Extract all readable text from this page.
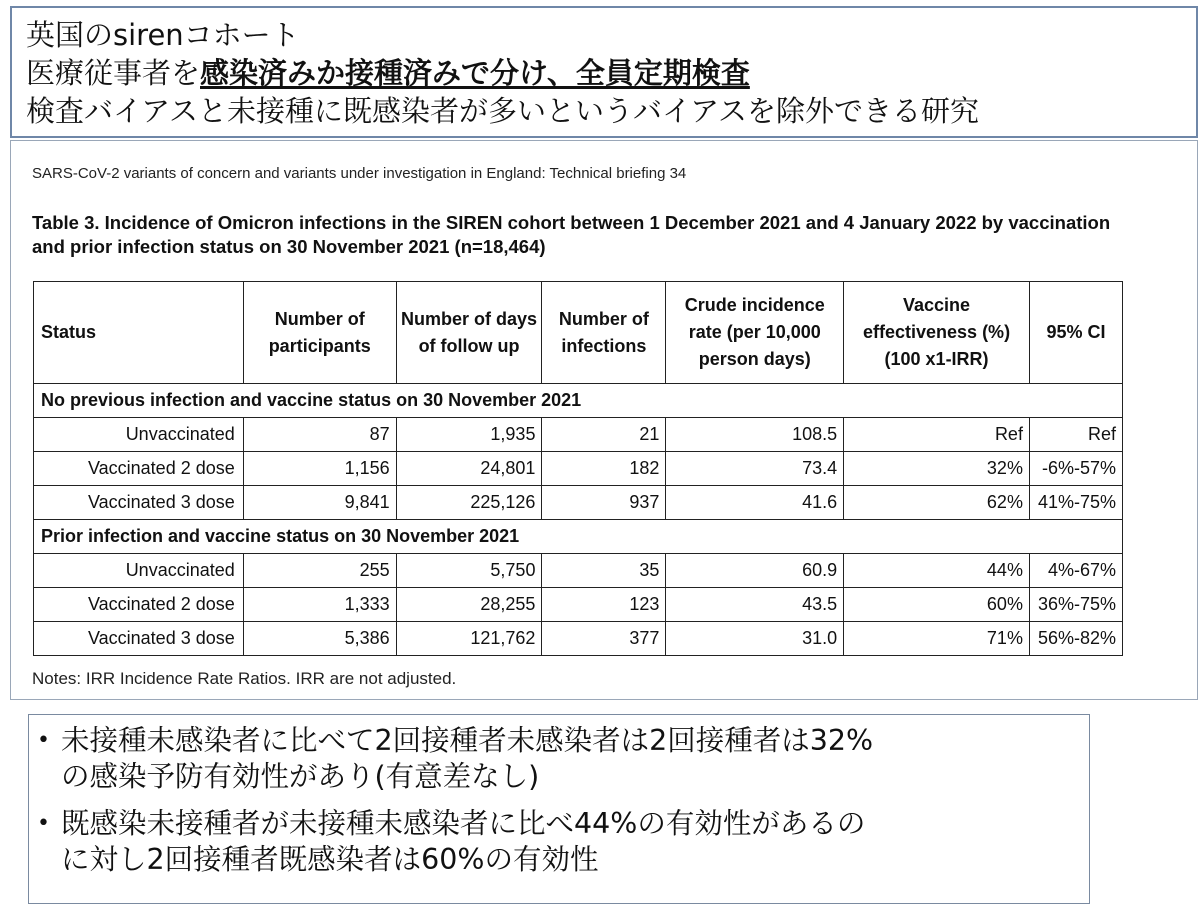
英国のsirenコホート
医療従事者を感染済みか接種済みで分け、全員定期検査
検査バイアスと未接種に既感染者が多いというバイアスを除外できる研究
SARS-CoV-2 variants of concern and variants under investigation in England: Technical briefing 34
Table 3. Incidence of Omicron infections in the SIREN cohort between 1 December 2021 and 4 January 2022 by vaccination
and prior infection status on 30 November 2021 (n=18,464)
Status	Number of participants	Number of days of follow up	Number of infections	Crude incidence rate (per 10,000 person days)	Vaccine effectiveness (%) (100 x1-IRR)	95% CI
No previous infection and vaccine status on 30 November 2021						
Unvaccinated	87	1,935	21	108.5	Ref	Ref
Vaccinated 2 dose	1,156	24,801	182	73.4	32%	-6%-57%
Vaccinated 3 dose	9,841	225,126	937	41.6	62%	41%-75%
Prior infection and vaccine status on 30 November 2021						
Unvaccinated	255	5,750	35	60.9	44%	4%-67%
Vaccinated 2 dose	1,333	28,255	123	43.5	60%	36%-75%
Vaccinated 3 dose	5,386	121,762	377	31.0	71%	56%-82%
Notes: IRR Incidence Rate Ratios. IRR are not adjusted.
• 未接種未感染者に比べて2回接種者未感染者は2回接種者は32%
の感染予防有効性があり(有意差なし)
• 既感染未接種者が未接種未感染者に比べ44%の有効性があるの
に対し2回接種者既感染者は60%の有効性
